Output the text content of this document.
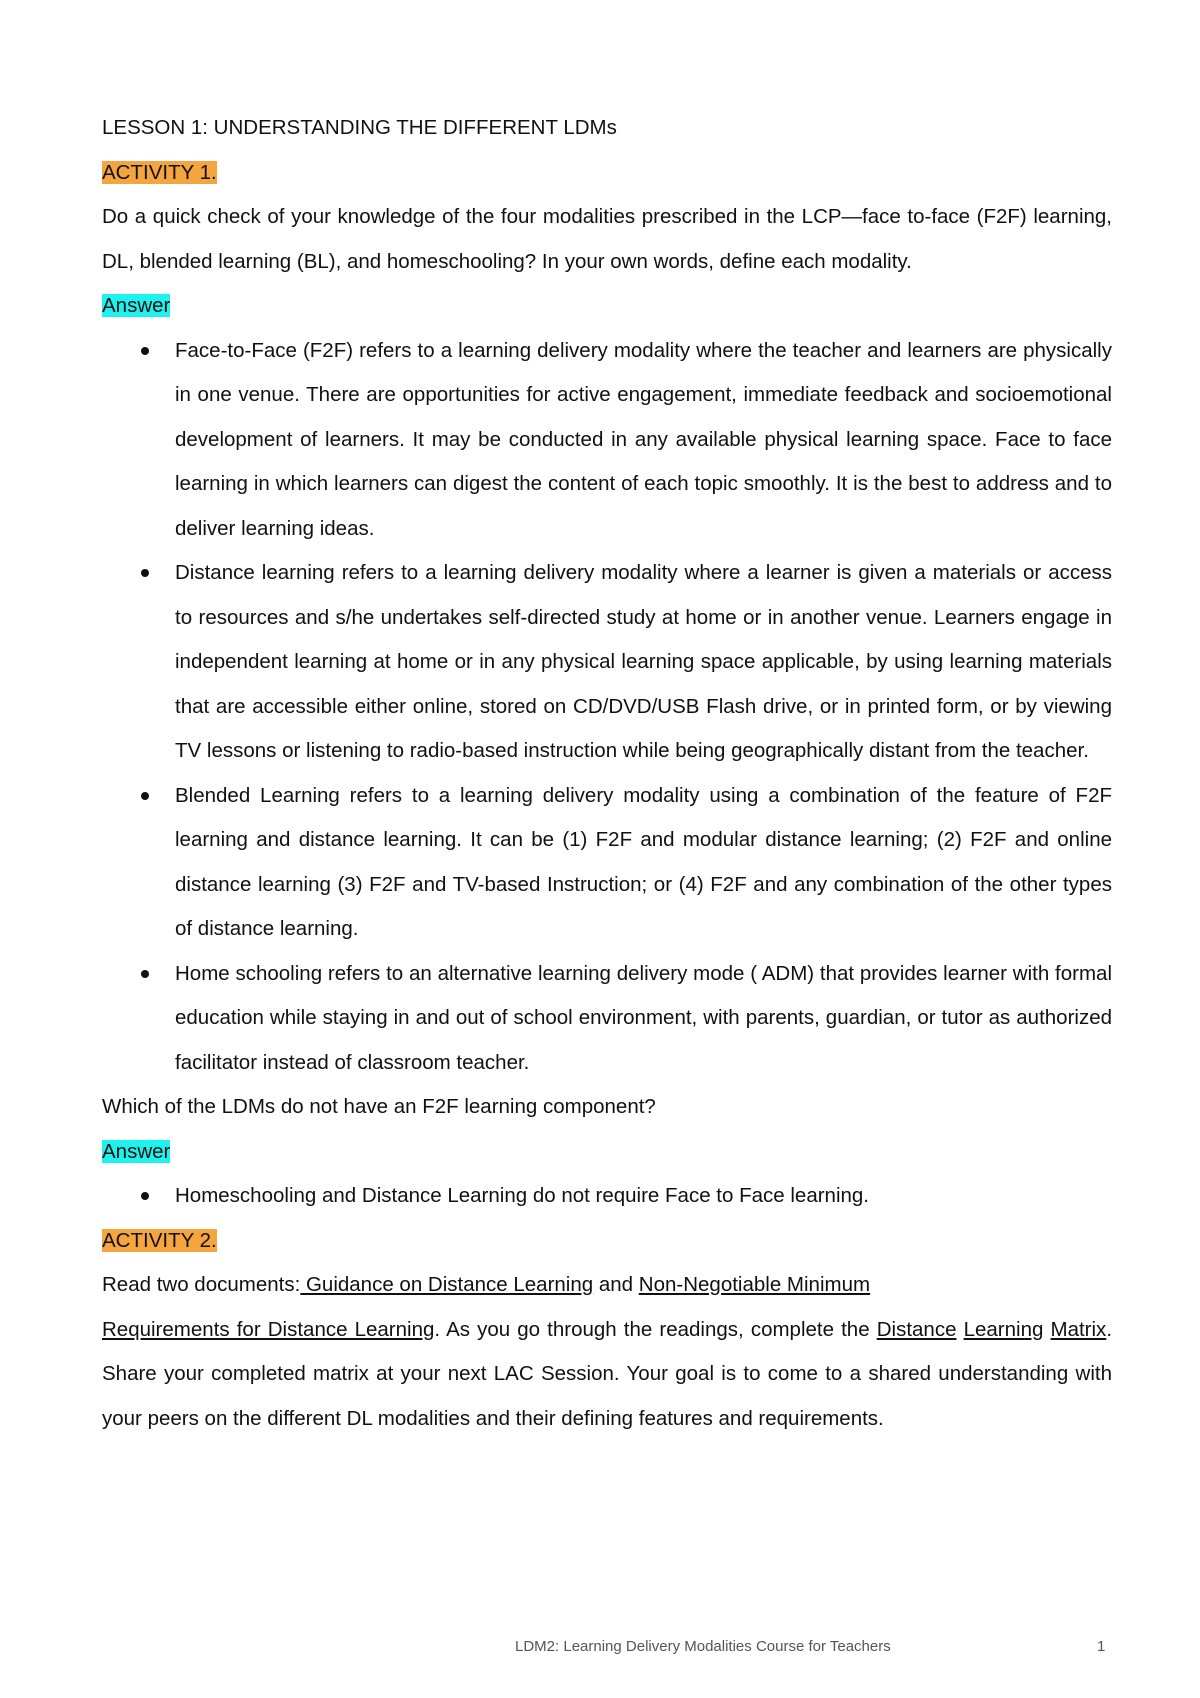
LESSON 1: UNDERSTANDING THE DIFFERENT LDMs

ACTIVITY 1.

Do a quick check of your knowledge of the four modalities prescribed in the LCP—face to-face (F2F) learning, DL, blended learning (BL), and homeschooling? In your own words, define each modality.

Answer

Face-to-Face (F2F) refers to a learning delivery modality where the teacher and learners are physically in one venue. There are opportunities for active engagement, immediate feedback and socioemotional development of learners. It may be conducted in any available physical learning space. Face to face learning in which learners can digest the content of each topic smoothly. It is the best to address and to deliver learning ideas.
Distance learning refers to a learning delivery modality where a learner is given a materials or access to resources and s/he undertakes self-directed study at home or in another venue. Learners engage in independent learning at home or in any physical learning space applicable, by using learning materials that are accessible either online, stored on CD/DVD/USB Flash drive, or in printed form, or by viewing TV lessons or listening to radio-based instruction while being geographically distant from the teacher.
Blended Learning refers to a learning delivery modality using a combination of the feature of F2F learning and distance learning. It can be (1) F2F and modular distance learning; (2) F2F and online distance learning (3) F2F and TV-based Instruction; or (4) F2F and any combination of the other types of distance learning.
Home schooling refers to an alternative learning delivery mode ( ADM) that provides learner with formal education while staying in and out of school environment, with parents, guardian, or tutor as authorized facilitator instead of classroom teacher.

Which of the LDMs do not have an F2F learning component?

Answer

Homeschooling and Distance Learning do not require Face to Face learning.

ACTIVITY 2.

Read two documents: Guidance on Distance Learning and Non-Negotiable Minimum
Requirements for Distance Learning. As you go through the readings, complete the Distance Learning Matrix. Share your completed matrix at your next LAC Session. Your goal is to come to a shared understanding with your peers on the different DL modalities and their defining features and requirements.

LDM2: Learning Delivery Modalities Course for Teachers	1
